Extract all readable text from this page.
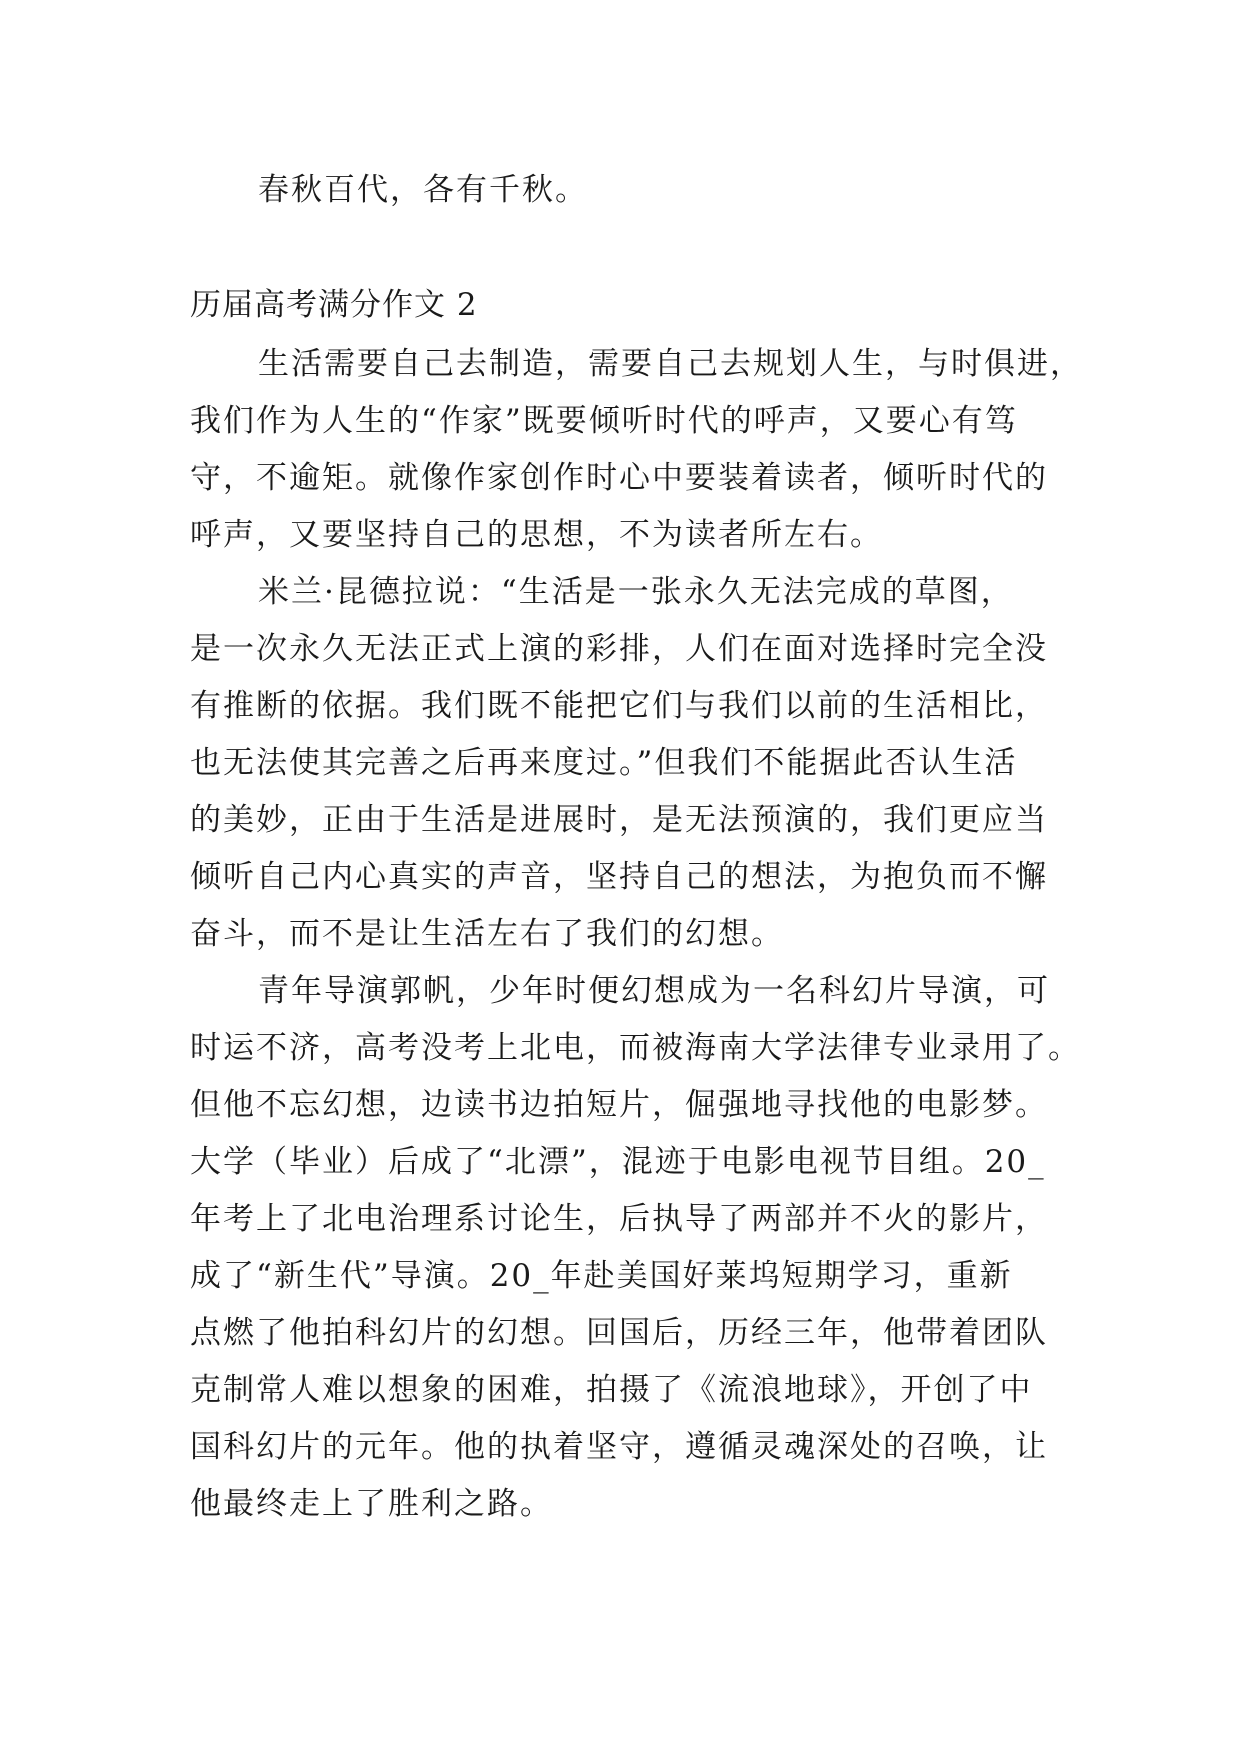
春秋百代，各有千秋。
历届高考满分作文 2
生活需要自己去制造，需要自己去规划人生，与时俱进，
我们作为人生的“作家”既要倾听时代的呼声，又要心有笃
守，不逾矩。就像作家创作时心中要装着读者，倾听时代的
呼声，又要坚持自己的思想，不为读者所左右。
米兰·昆德拉说：“生活是一张永久无法完成的草图，
是一次永久无法正式上演的彩排，人们在面对选择时完全没
有推断的依据。我们既不能把它们与我们以前的生活相比，
也无法使其完善之后再来度过。”但我们不能据此否认生活
的美妙，正由于生活是进展时，是无法预演的，我们更应当
倾听自己内心真实的声音，坚持自己的想法，为抱负而不懈
奋斗，而不是让生活左右了我们的幻想。
青年导演郭帆，少年时便幻想成为一名科幻片导演，可
时运不济，高考没考上北电，而被海南大学法律专业录用了。
但他不忘幻想，边读书边拍短片，倔强地寻找他的电影梦。
大学（毕业）后成了“北漂”，混迹于电影电视节目组。20_
年考上了北电治理系讨论生，后执导了两部并不火的影片，
成了“新生代”导演。20_年赴美国好莱坞短期学习，重新
点燃了他拍科幻片的幻想。回国后，历经三年，他带着团队
克制常人难以想象的困难，拍摄了《流浪地球》，开创了中
国科幻片的元年。他的执着坚守，遵循灵魂深处的召唤，让
他最终走上了胜利之路。
